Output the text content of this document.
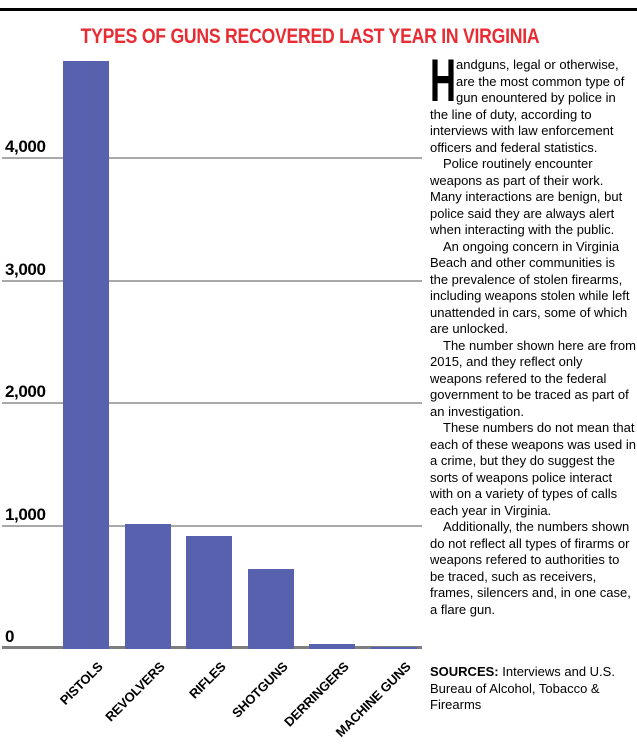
TYPES OF GUNS RECOVERED LAST YEAR IN VIRGINIA
0
1,000
2,000
3,000
4,000
PISTOLS
REVOLVERS RIFLES SHOTGUNS
DERRINGERS
MACHINE GUNS

Handguns, legal or otherwise, are the most common type of gun enountered by police in the line of duty, according to interviews with law enforcement officers and federal statistics.

Police routinely encounter weapons as part of their work. Many interactions are benign, but police said they are always alert when interacting with the public.

An ongoing concern in Virginia Beach and other communities is the prevalence of stolen firearms, including weapons stolen while left unattended in cars, some of which are unlocked.

The number shown here are from 2015, and they reflect only weapons refered to the federal government to be traced as part of an investigation.

These numbers do not mean that each of these weapons was used in a crime, but they do suggest the sorts of weapons police interact with on a variety of types of calls each year in Virginia.

Additionally, the numbers shown do not reflect all types of firarms or weapons refered to authorities to be traced, such as receivers, frames, silencers and, in one case, a flare gun.

SOURCES: Interviews and U.S. Bureau of Alcohol, Tobacco & Firearms
